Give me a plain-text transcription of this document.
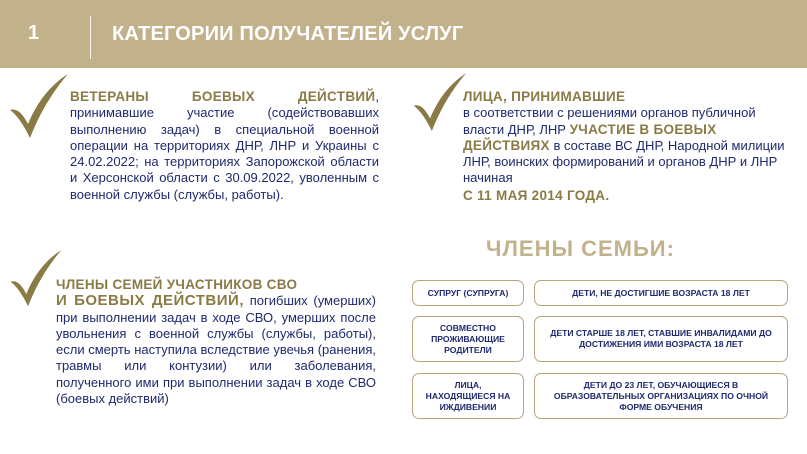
1	КАТЕГОРИИ ПОЛУЧАТЕЛЕЙ УСЛУГ
ВЕТЕРАНЫ БОЕВЫХ ДЕЙСТВИЙ, принимавшие участие (содействовавших выполнению задач) в специальной военной операции на территориях ДНР, ЛНР и Украины с 24.02.2022; на территориях Запорожской области и Херсонской области с 30.09.2022, уволенным с военной службы (службы, работы).
ЛИЦА, ПРИНИМАВШИЕ
в соответствии с решениями органов публичной власти ДНР, ЛНР УЧАСТИЕ В БОЕВЫХ ДЕЙСТВИЯХ в составе ВС ДНР, Народной милиции ЛНР, воинских формирований и органов ДНР и ЛНР начиная
С 11 МАЯ 2014 ГОДА.
ЧЛЕНЫ СЕМЕЙ УЧАСТНИКОВ СВО
И БОЕВЫХ ДЕЙСТВИЙ, погибших (умерших) при выполнении задач в ходе СВО, умерших после увольнения с военной службы (службы, работы), если смерть наступила вследствие увечья (ранения, травмы или контузии) или заболевания, полученного ими при выполнении задач в ходе СВО (боевых действий)
ЧЛЕНЫ СЕМЬИ:
СУПРУГ (СУПРУГА)	ДЕТИ, НЕ ДОСТИГШИЕ ВОЗРАСТА 18 ЛЕТ
СОВМЕСТНО ПРОЖИВАЮЩИЕ РОДИТЕЛИ
ДЕТИ СТАРШЕ 18 ЛЕТ, СТАВШИЕ ИНВАЛИДАМИ ДО ДОСТИЖЕНИЯ ИМИ ВОЗРАСТА 18 ЛЕТ
ЛИЦА, НАХОДЯЩИЕСЯ НА ИЖДИВЕНИИ
ДЕТИ ДО 23 ЛЕТ, ОБУЧАЮЩИЕСЯ В ОБРАЗОВАТЕЛЬНЫХ ОРГАНИЗАЦИЯХ ПО ОЧНОЙ ФОРМЕ ОБУЧЕНИЯ
